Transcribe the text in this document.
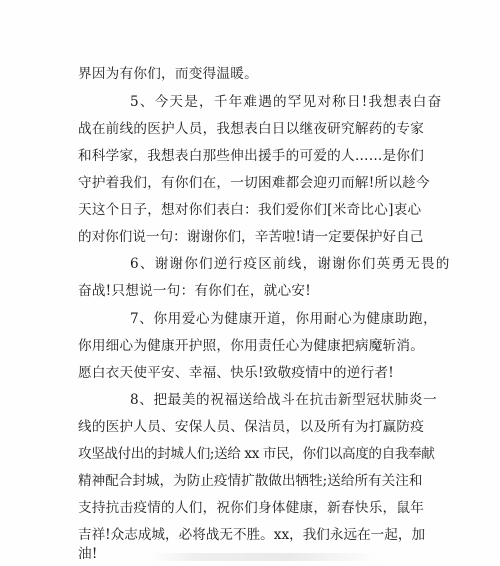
界因为有你们，而变得温暖。
5、今天是，千年难遇的罕见对称日!我想表白奋
战在前线的医护人员，我想表白日以继夜研究解药的专家
和科学家，我想表白那些伸出援手的可爱的人……是你们
守护着我们，有你们在，一切困难都会迎刃而解!所以趁今
天这个日子，想对你们表白：我们爱你们[米奇比心]衷心
的对你们说一句：谢谢你们，辛苦啦!请一定要保护好自己
6、谢谢你们逆行疫区前线，谢谢你们英勇无畏的
奋战!只想说一句：有你们在，就心安!
7、你用爱心为健康开道，你用耐心为健康助跑，
你用细心为健康开护照，你用责任心为健康把病魔斩消。
愿白衣天使平安、幸福、快乐!致敬疫情中的逆行者!
8、把最美的祝福送给战斗在抗击新型冠状肺炎一
线的医护人员、安保人员、保洁员，以及所有为打赢防疫
攻坚战付出的封城人们;送给 xx 市民，你们以高度的自我奉献
精神配合封城，为防止疫情扩散做出牺牲;送给所有关注和
支持抗击疫情的人们，祝你们身体健康，新春快乐，鼠年
吉祥!众志成城，必将战无不胜。xx，我们永远在一起，加
油!
